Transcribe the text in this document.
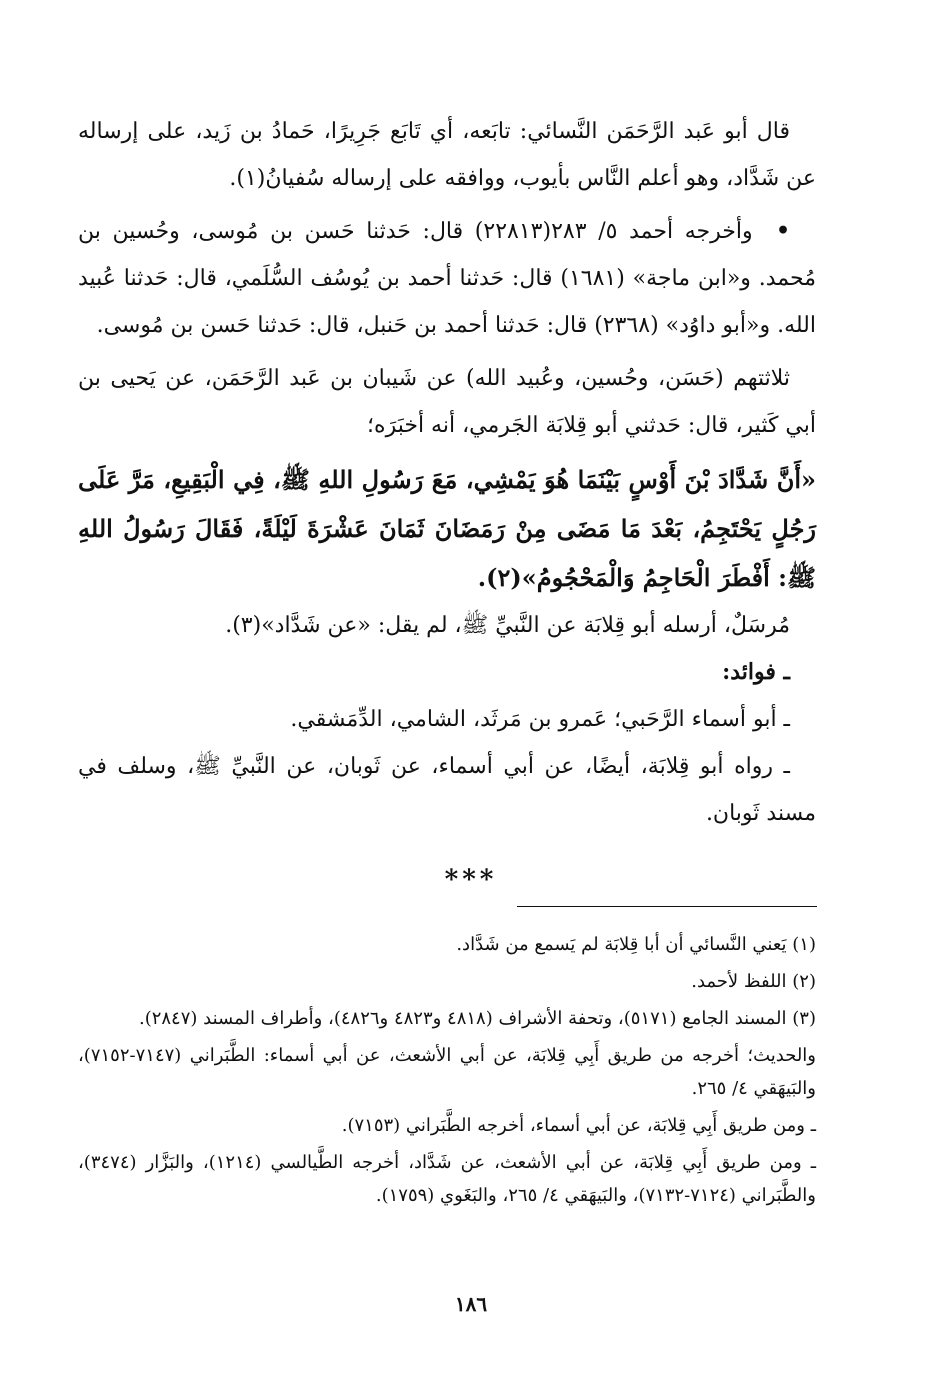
قال أبو عَبد الرَّحَمَن النَّسائي: تابَعه، أي تَابَع جَرِيرًا، حَمادُ بن زَيد، على إرساله عن شَدَّاد، وهو أعلم النَّاس بأيوب، ووافقه على إرساله سُفيانُ(١).

•  وأخرجه أحمد ٥/ ٢٨٣(٢٢٨١٣) قال: حَدثنا حَسن بن مُوسى، وحُسين بن مُحمد. و«ابن ماجة» (١٦٨١) قال: حَدثنا أحمد بن يُوسُف السُّلَمي، قال: حَدثنا عُبيد الله. و«أبو داوُد» (٢٣٦٨) قال: حَدثنا أحمد بن حَنبل، قال: حَدثنا حَسن بن مُوسى.

ثلاثتهم (حَسَن، وحُسين، وعُبيد الله) عن شَيبان بن عَبد الرَّحَمَن، عن يَحيى بن أبي كَثير، قال: حَدثني أبو قِلابَة الجَرمي، أنه أخبَرَه؛

«أَنَّ شَدَّادَ بْنَ أَوْسٍ بَيْنَمَا هُوَ يَمْشِي، مَعَ رَسُولِ اللهِ ﷺ، فِي الْبَقِيعِ، مَرَّ عَلَى رَجُلٍ يَحْتَجِمُ، بَعْدَ مَا مَضَى مِنْ رَمَضَانَ ثَمَانَ عَشْرَةَ لَيْلَةً، فَقَالَ رَسُولُ اللهِ ﷺ: أَفْطَرَ الْحَاجِمُ وَالْمَحْجُومُ»(٢).

مُرسَلٌ، أرسله أبو قِلابَة عن النَّبيِّ ﷺ، لم يقل: «عن شَدَّاد»(٣).

ـ فوائد:

ـ أبو أسماء الرَّحَبي؛ عَمرو بن مَرثَد، الشامي، الدِّمَشقي.

ـ رواه أبو قِلابَة، أيضًا، عن أبي أسماء، عن ثَوبان، عن النَّبيِّ ﷺ، وسلف في مسند ثَوبان.

***

(١) يَعني النَّسائي أن أبا قِلابَة لم يَسمع من شَدَّاد.

(٢) اللفظ لأحمد.

(٣) المسند الجامع (٥١٧١)، وتحفة الأشراف (٤٨١٨ و٤٨٢٣ و٤٨٢٦)، وأطراف المسند (٢٨٤٧).

والحديث؛ أخرجه من طريق أَبِي قِلابَة، عن أبي الأشعث، عن أبي أسماء: الطَّبَراني (٧١٤٧-٧١٥٢)، والبَيهَقي ٤/ ٢٦٥.

ـ ومن طريق أَبِي قِلابَة، عن أبي أسماء، أخرجه الطَّبَراني (٧١٥٣).

ـ ومن طريق أَبِي قِلابَة، عن أبي الأشعث، عن شَدَّاد، أخرجه الطَّيالسي (١٢١٤)، والبَزَّار (٣٤٧٤)، والطَّبَراني (٧١٢٤-٧١٣٢)، والبَيهَقي ٤/ ٢٦٥، والبَغَوي (١٧٥٩).

١٨٦
